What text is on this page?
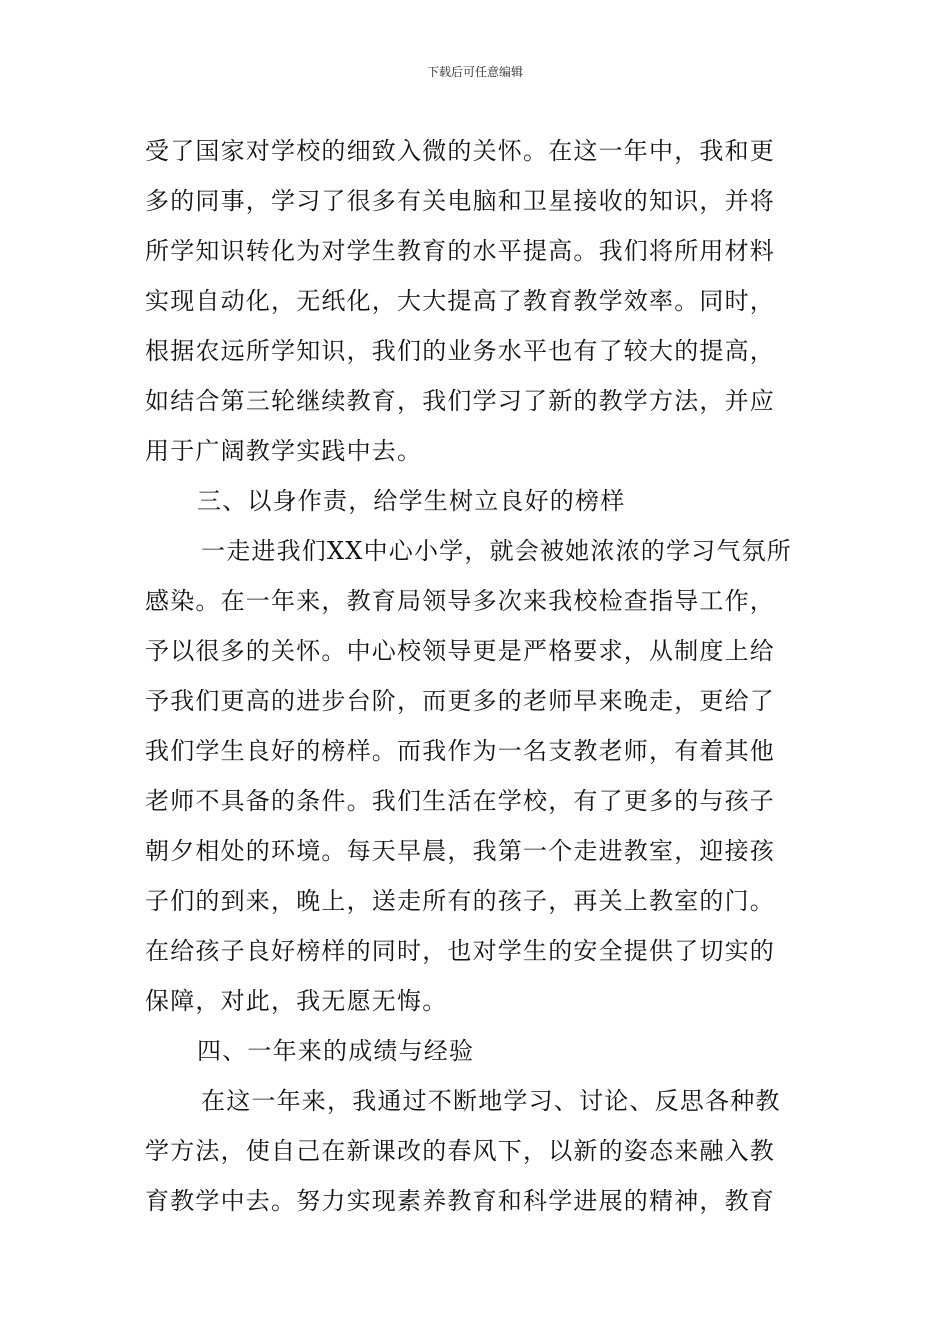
下载后可任意编辑
受了国家对学校的细致入微的关怀。在这一年中，我和更
多的同事，学习了很多有关电脑和卫星接收的知识，并将
所学知识转化为对学生教育的水平提高。我们将所用材料
实现自动化，无纸化，大大提高了教育教学效率。同时，
根据农远所学知识，我们的业务水平也有了较大的提高，
如结合第三轮继续教育，我们学习了新的教学方法，并应
用于广阔教学实践中去。
三、以身作责，给学生树立良好的榜样
一走进我们XX中心小学，就会被她浓浓的学习气氛所
感染。在一年来，教育局领导多次来我校检查指导工作，
予以很多的关怀。中心校领导更是严格要求，从制度上给
予我们更高的进步台阶，而更多的老师早来晚走，更给了
我们学生良好的榜样。而我作为一名支教老师，有着其他
老师不具备的条件。我们生活在学校，有了更多的与孩子
朝夕相处的环境。每天早晨，我第一个走进教室，迎接孩
子们的到来，晚上，送走所有的孩子，再关上教室的门。
在给孩子良好榜样的同时，也对学生的安全提供了切实的
保障，对此，我无愿无悔。
四、一年来的成绩与经验
在这一年来，我通过不断地学习、讨论、反思各种教
学方法，使自己在新课改的春风下，以新的姿态来融入教
育教学中去。努力实现素养教育和科学进展的精神，教育
